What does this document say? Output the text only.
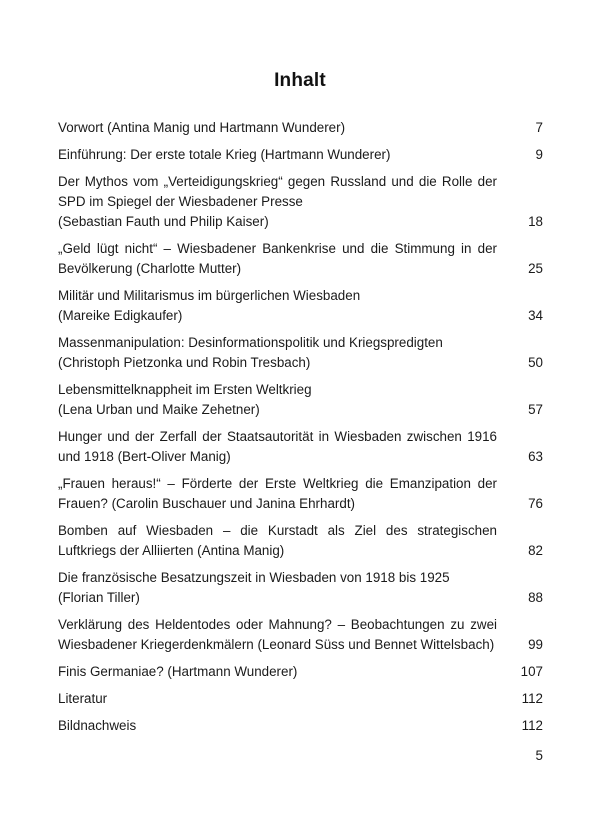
Inhalt
Vorwort (Antina Manig und Hartmann Wunderer)	7
Einführung: Der erste totale Krieg (Hartmann Wunderer)	9
Der Mythos vom „Verteidigungskrieg“ gegen Russland und die Rolle der SPD im Spiegel der Wiesbadener Presse
(Sebastian Fauth und Philip Kaiser)	18
„Geld lügt nicht“ – Wiesbadener Bankenkrise und die Stimmung in der Bevölkerung (Charlotte Mutter)	25
Militär und Militarismus im bürgerlichen Wiesbaden
(Mareike Edigkaufer)	34
Massenmanipulation: Desinformationspolitik und Kriegspredigten
(Christoph Pietzonka und Robin Tresbach)	50
Lebensmittelknappheit im Ersten Weltkrieg
(Lena Urban und Maike Zehetner)	57
Hunger und der Zerfall der Staatsautorität in Wiesbaden zwischen 1916 und 1918 (Bert-Oliver Manig)	63
„Frauen heraus!“ – Förderte der Erste Weltkrieg die Emanzipation der Frauen? (Carolin Buschauer und Janina Ehrhardt)	76
Bomben auf Wiesbaden – die Kurstadt als Ziel des strategischen Luftkriegs der Alliierten (Antina Manig)	82
Die französische Besatzungszeit in Wiesbaden von 1918 bis 1925
(Florian Tiller)	88
Verklärung des Heldentodes oder Mahnung? – Beobachtungen zu zwei Wiesbadener Kriegerdenkmälern (Leonard Süss und Bennet Wittelsbach)	99
Finis Germaniae? (Hartmann Wunderer)	107
Literatur	112
Bildnachweis	112
5
